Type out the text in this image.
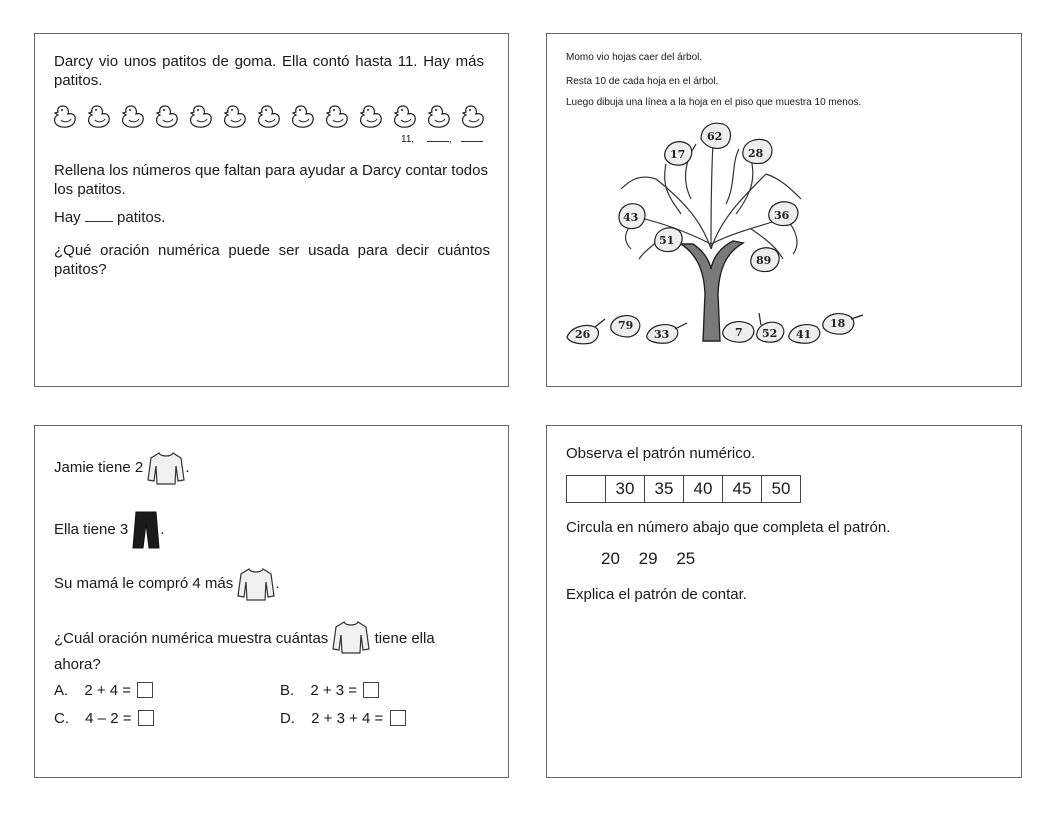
Darcy vio unos patitos de goma. Ella contó hasta 11. Hay más patitos.

11,	,

Rellena los números que faltan para ayudar a Darcy contar todos los patitos.

Hay patitos.

¿Qué oración numérica puede ser usada para decir cuántos patitos?

Momo vio hojas caer del árbol.

Resta 10 de cada hoja en el árbol.

Luego dibuja una línea a la hoja en el piso que muestra 10 menos.

62
17	28
43	36
51
89
26
79
33	7 52 41
18

Jamie tiene 2	.

Ella tiene 3 .

Su mamá le compró 4 más	.

¿Cuál oración numérica muestra cuántas	tiene ella
ahora?

A. 2 + 4 =	B. 2 + 3 =
C. 4 – 2 =	D. 2 + 3 + 4 =

Observa el patrón numérico.

	30	35	40	45	50

Circula en número abajo que completa el patrón.

20 29 25

Explica el patrón de contar.
